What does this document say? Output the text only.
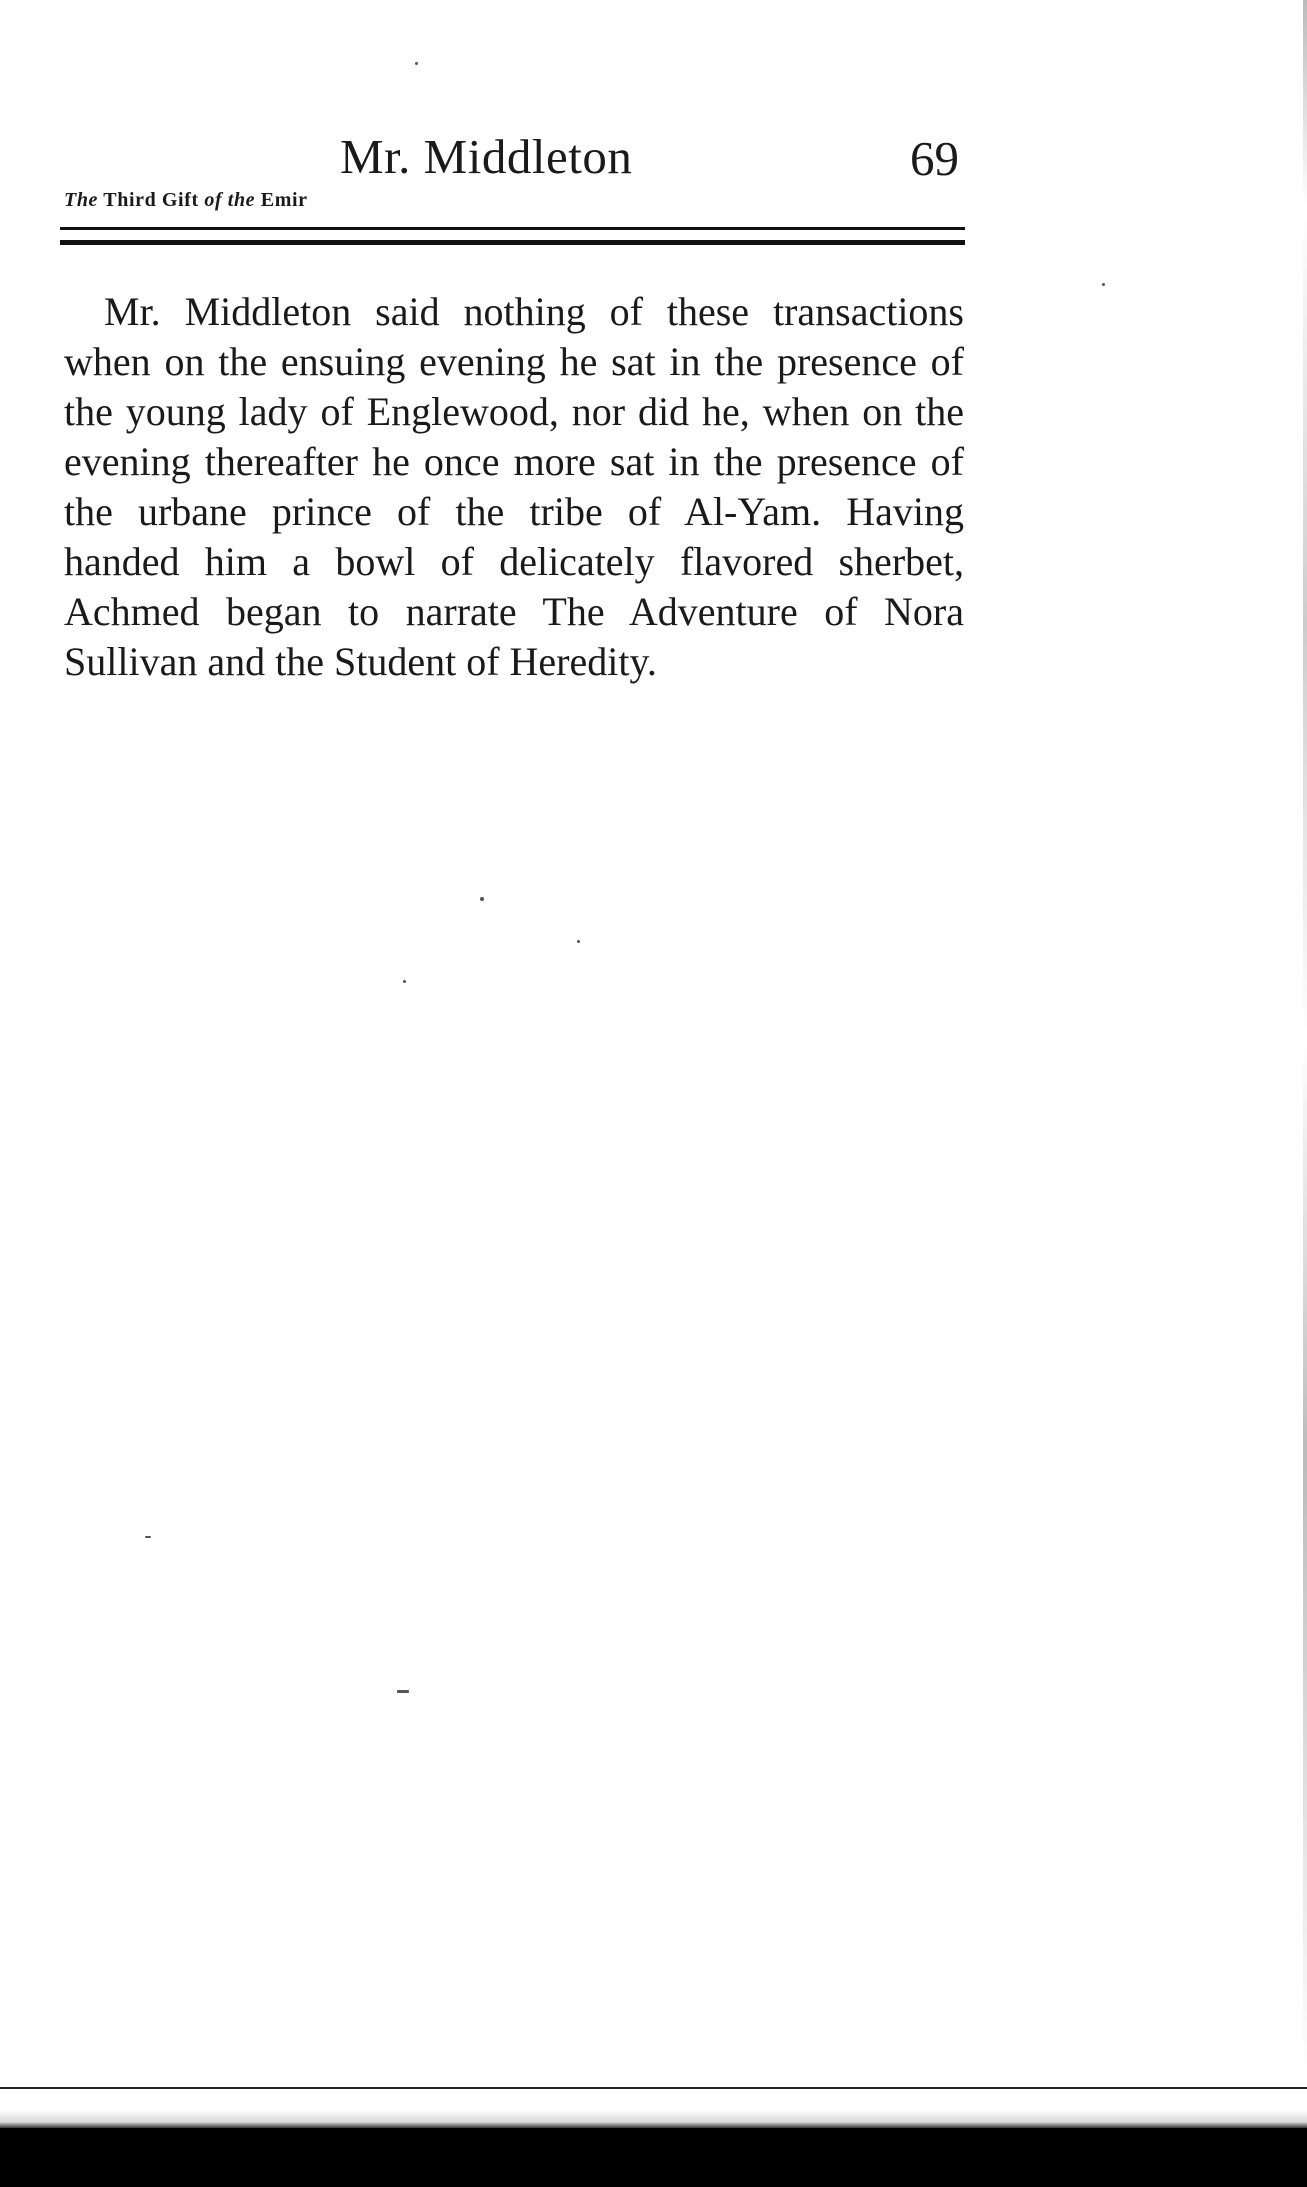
Mr. Middleton	69
The Third Gift of the Emir

Mr. Middleton said nothing of these transactions when on the ensuing evening he sat in the presence of the young lady of Englewood, nor did he, when on the evening thereafter he once more sat in the presence of the urbane prince of the tribe of Al-Yam. Having handed him a bowl of delicately flavored sherbet, Achmed began to narrate The Adventure of Nora Sullivan and the Student of Heredity.
